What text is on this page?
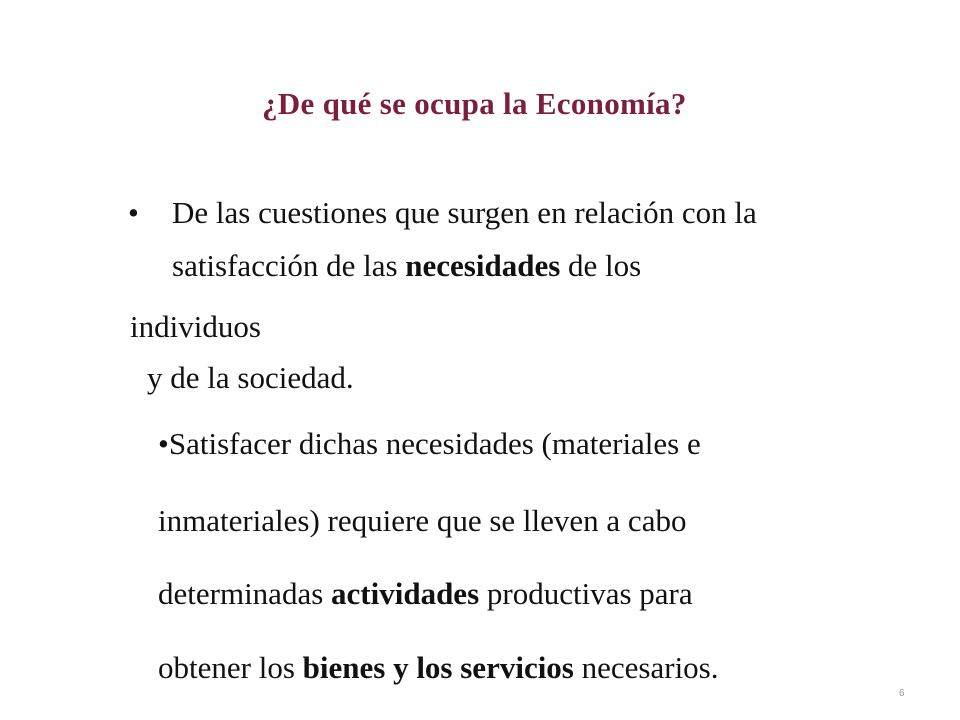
¿De qué se ocupa la Economía?
• De las cuestiones que surgen en relación con la
satisfacción de las necesidades de los
individuos
y de la sociedad.
•Satisfacer dichas necesidades (materiales e
inmateriales) requiere que se lleven a cabo
determinadas actividades productivas para
obtener los bienes y los servicios necesarios.
6
